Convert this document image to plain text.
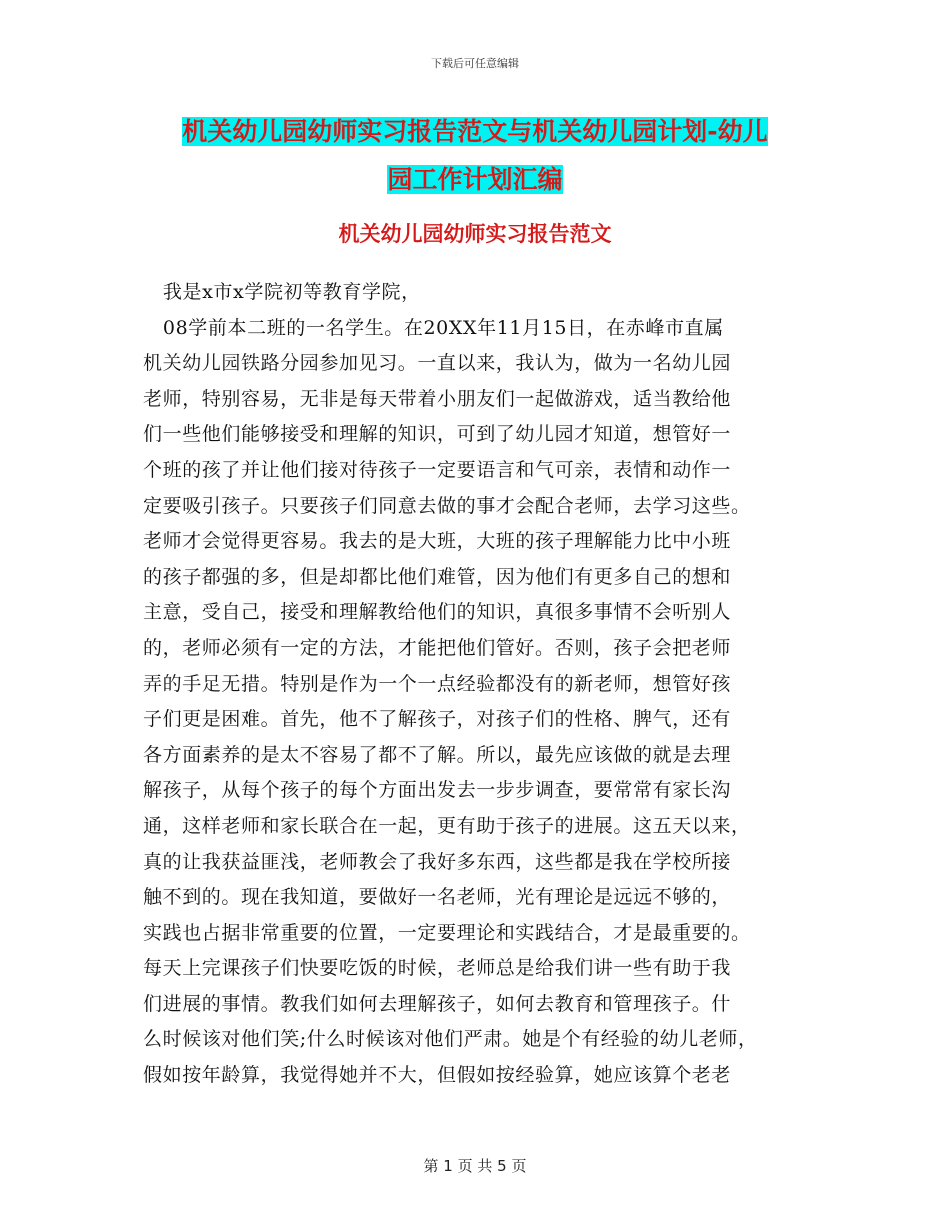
下载后可任意编辑
机关幼儿园幼师实习报告范文与机关幼儿园计划-幼儿
园工作计划汇编
机关幼儿园幼师实习报告范文
我是x市x学院初等教育学院，
08学前本二班的一名学生。在20XX年11月15日，在赤峰市直属
机关幼儿园铁路分园参加见习。一直以来，我认为，做为一名幼儿园
老师，特别容易，无非是每天带着小朋友们一起做游戏，适当教给他
们一些他们能够接受和理解的知识，可到了幼儿园才知道，想管好一
个班的孩了并让他们接对待孩子一定要语言和气可亲，表情和动作一
定要吸引孩子。只要孩子们同意去做的事才会配合老师，去学习这些。
老师才会觉得更容易。我去的是大班，大班的孩子理解能力比中小班
的孩子都强的多，但是却都比他们难管，因为他们有更多自己的想和
主意，受自己，接受和理解教给他们的知识，真很多事情不会听别人
的，老师必须有一定的方法，才能把他们管好。否则，孩子会把老师
弄的手足无措。特别是作为一个一点经验都没有的新老师，想管好孩
子们更是困难。首先，他不了解孩子，对孩子们的性格、脾气，还有
各方面素养的是太不容易了都不了解。所以，最先应该做的就是去理
解孩子，从每个孩子的每个方面出发去一步步调查，要常常有家长沟
通，这样老师和家长联合在一起，更有助于孩子的进展。这五天以来，
真的让我获益匪浅，老师教会了我好多东西，这些都是我在学校所接
触不到的。现在我知道，要做好一名老师，光有理论是远远不够的，
实践也占据非常重要的位置，一定要理论和实践结合，才是最重要的。
每天上完课孩子们快要吃饭的时候，老师总是给我们讲一些有助于我
们进展的事情。教我们如何去理解孩子，如何去教育和管理孩子。什
么时候该对他们笑;什么时候该对他们严肃。她是个有经验的幼儿老师，
假如按年龄算，我觉得她并不大，但假如按经验算，她应该算个老老
第 1 页 共 5 页
